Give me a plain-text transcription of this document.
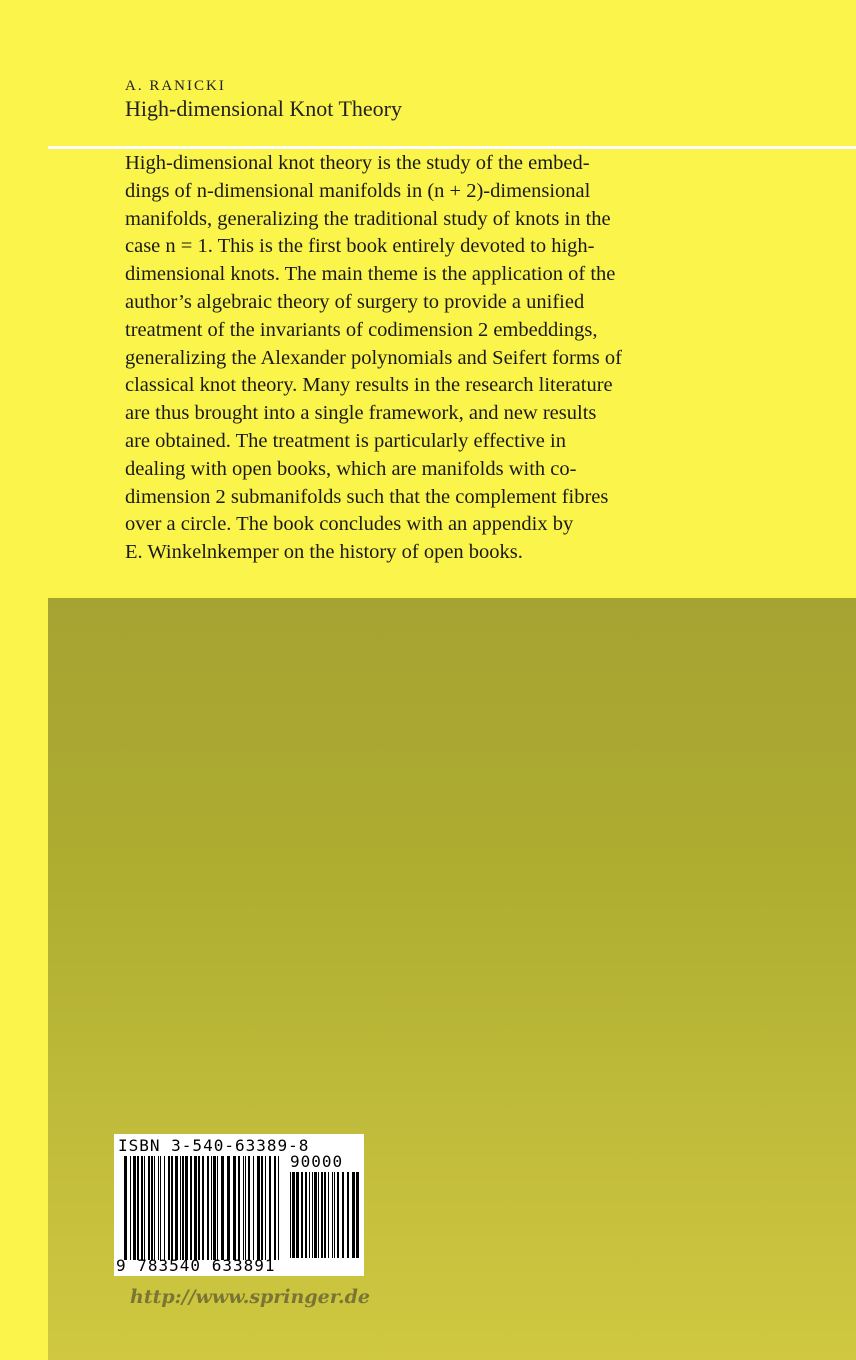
A. RANICKI
High-dimensional Knot Theory
High-dimensional knot theory is the study of the embed-
dings of n-dimensional manifolds in (n + 2)-dimensional
manifolds, generalizing the traditional study of knots in the
case n = 1. This is the first book entirely devoted to high-
dimensional knots. The main theme is the application of the
author’s algebraic theory of surgery to provide a unified
treatment of the invariants of codimension 2 embeddings,
generalizing the Alexander polynomials and Seifert forms of
classical knot theory. Many results in the research literature
are thus brought into a single framework, and new results
are obtained. The treatment is particularly effective in
dealing with open books, which are manifolds with co-
dimension 2 submanifolds such that the complement fibres
over a circle. The book concludes with an appendix by
E. Winkelnkemper on the history of open books.
ISBN 3-540-63389-8
90000
9 783540 633891
http://www.springer.de
